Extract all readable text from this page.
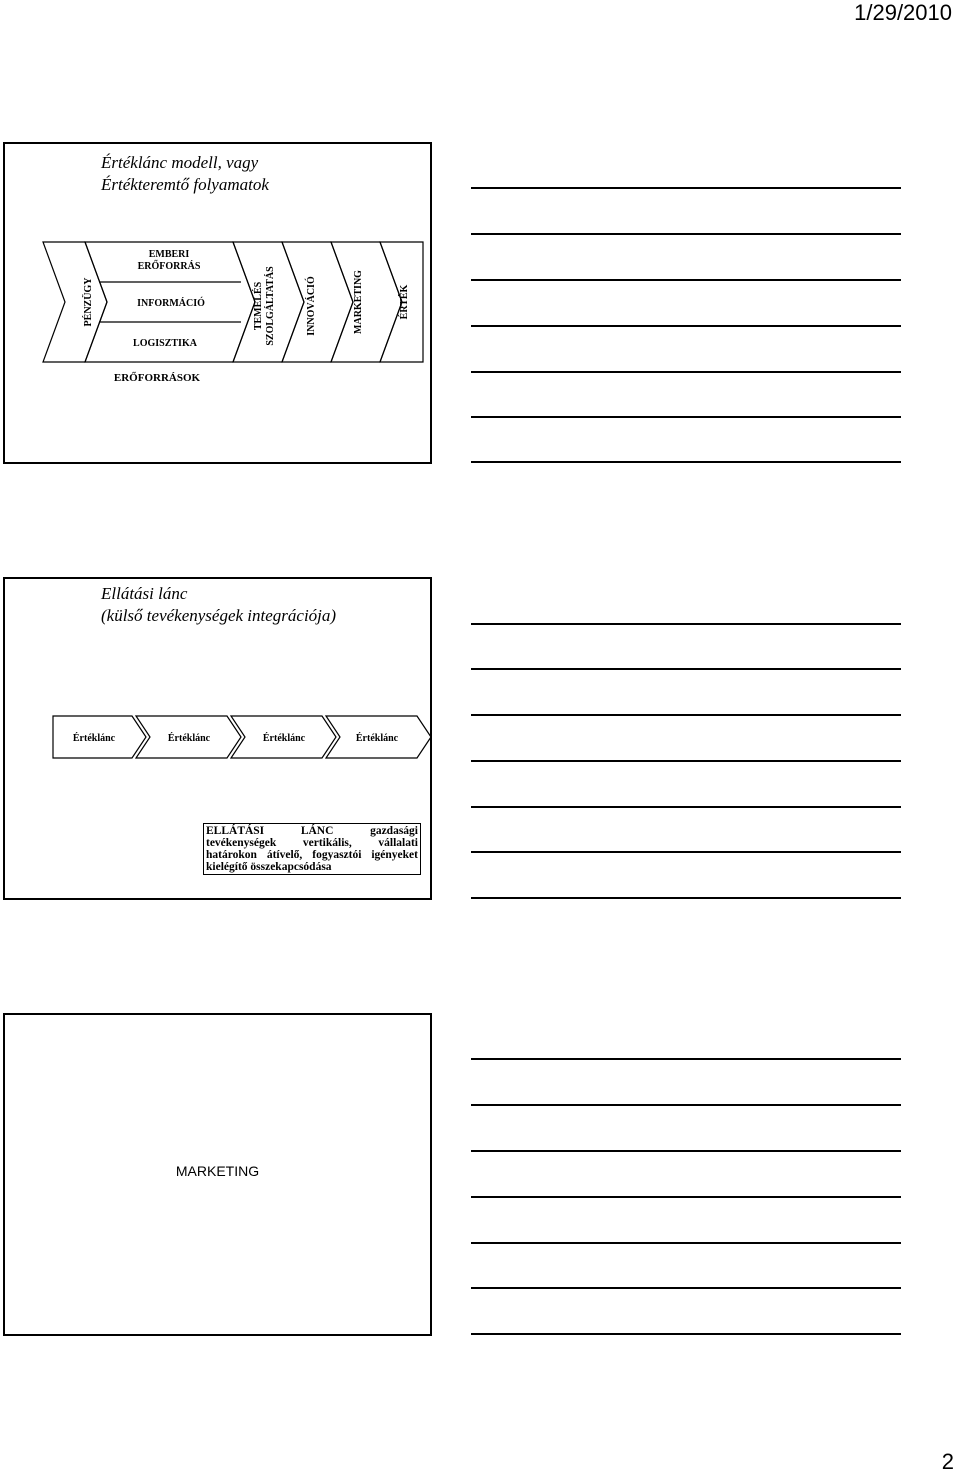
1/29/2010
Értéklánc modell, vagy
Értékteremtő folyamatok
PÉNZÜGY
EMBERI
ERŐFORRÁS
INFORMÁCIÓ
LOGISZTIKA
TEMELÉS SZOLGÁLTATÁS	INNOVÁCIÓ	MARKETING	ÉRTÉK
ERŐFORRÁSOK
Ellátási lánc
(külső tevékenységek integrációja)
Értéklánc	Értéklánc	Értéklánc	Értéklánc
ELLÁTÁSI LÁNC gazdasági tevékenységek vertikális, vállalati határokon átívelő, fogyasztói igényeket kielégítő összekapcsódása
MARKETING
2
